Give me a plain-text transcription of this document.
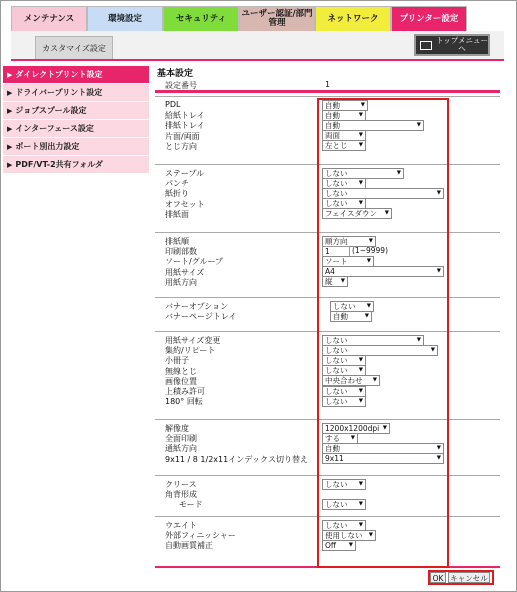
メンテナンス	環境設定	セキュリティ ユーザー認証/部門管理	ネットワーク プリンター設定
カスタマイズ設定
トップメニューへ
▶ ダイレクトプリント設定
▶ ドライバープリント設定
▶ ジョブスプール設定
▶ インターフェース設定
▶ ポート別出力設定
▶ PDF/VT-2共有フォルダ
基本設定
設定番号	1
PDL	自動	▼
給紙トレイ	自動	▼
排紙トレイ	自動	▼
片面/両面	両面	▼
とじ方向	左とじ ▼
ステープル	しない	▼
パンチ	しない ▼
紙折り	しない	▼
オフセット	しない ▼
排紙面	フェイスダウン ▼
排紙順	順方向	▼
印刷部数	1	(1~9999)
ソート/グループ	ソート	▼
用紙サイズ	A4	▼
用紙方向	縦 ▼
バナーオプション	しない ▼
バナーページトレイ	自動	▼
用紙サイズ変更	しない	▼
集約/リピート	しない	▼
小冊子	しない ▼
無線とじ	しない ▼
画像位置	中央合わせ ▼
上積み許可	しない ▼
180° 回転	しない ▼
解像度	1200x1200dpi ▼
全面印刷	する ▼
通紙方向	自動	▼
9x11 / 8 1/2x11インデックス切り替え	9x11	▼
クリース	しない ▼
角背形成
モード	しない ▼
ウエイト	しない ▼
外部フィニッシャー	使用しない ▼
自動画質補正	Off ▼
OK キャンセル
